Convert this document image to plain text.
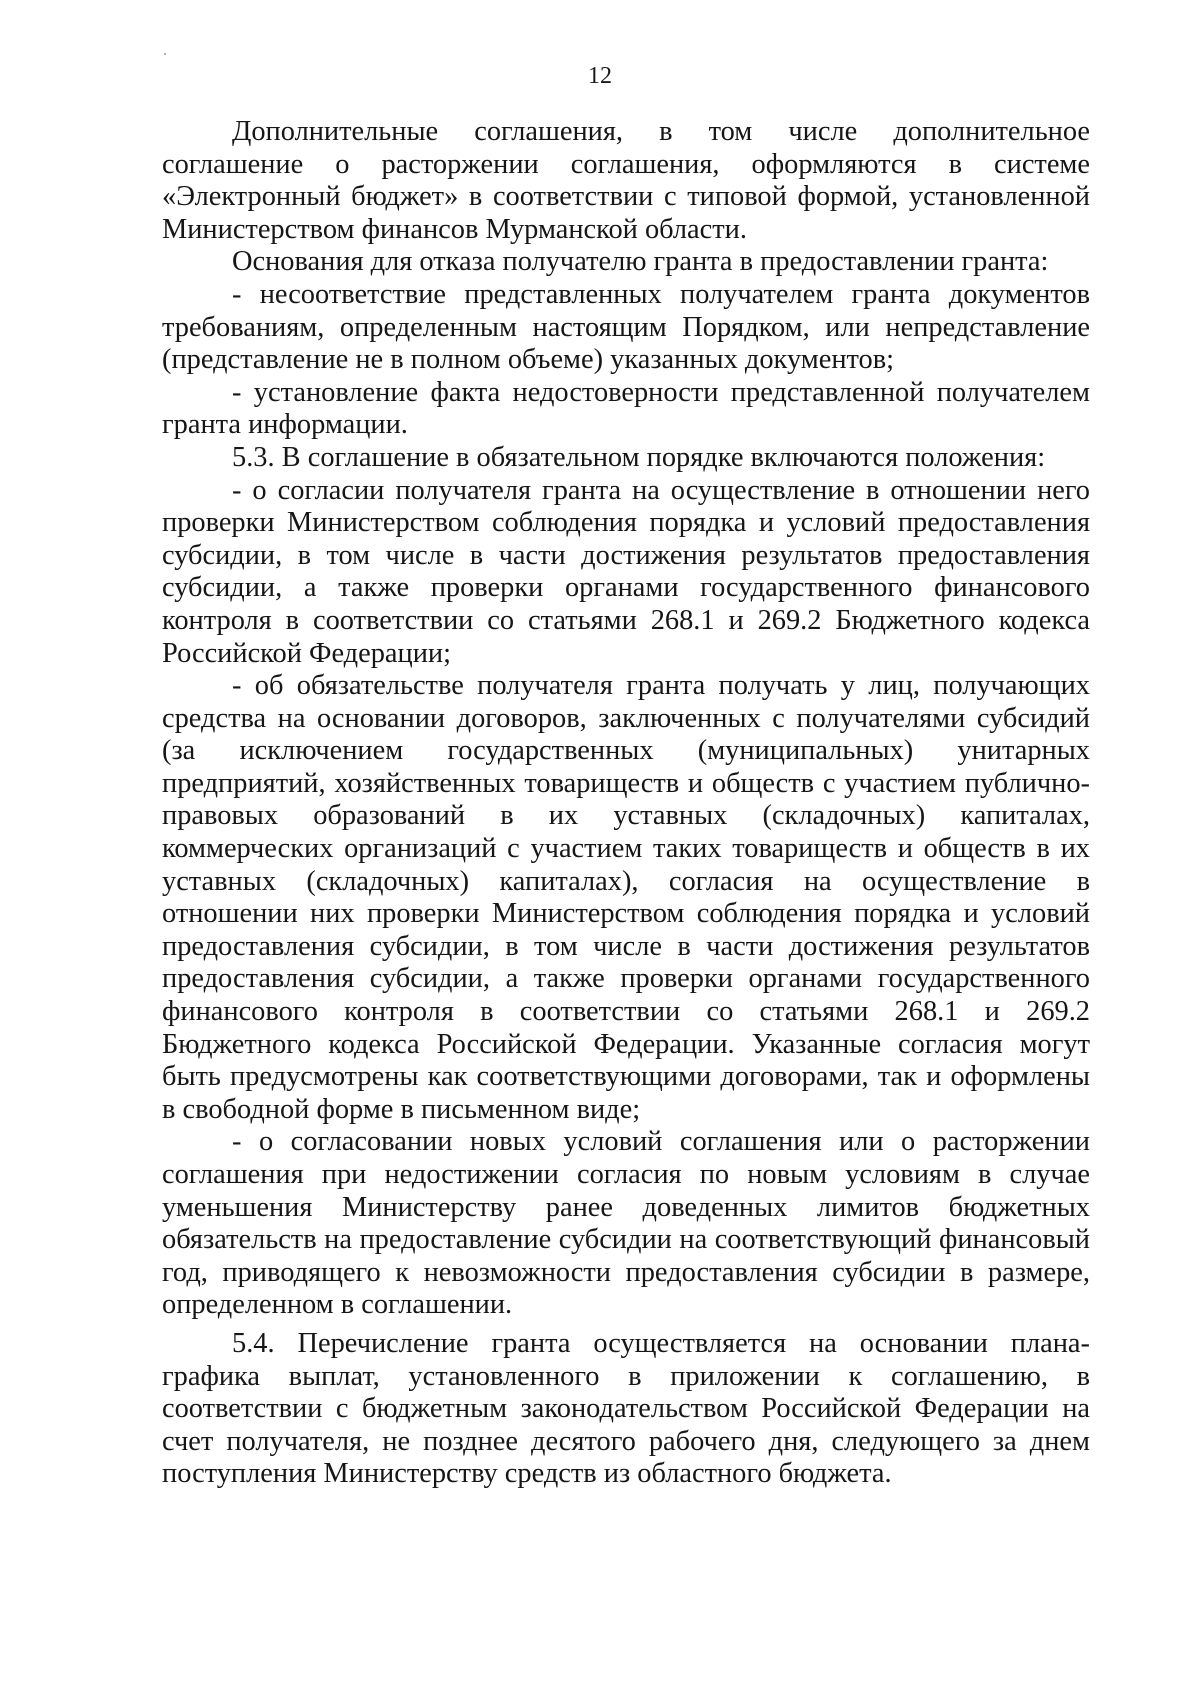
12

Дополнительные соглашения, в том числе дополнительное соглашение о расторжении соглашения, оформляются в системе «Электронный бюджет» в соответствии с типовой формой, установленной Министерством финансов Мурманской области.

Основания для отказа получателю гранта в предоставлении гранта:

- несоответствие представленных получателем гранта документов требованиям, определенным настоящим Порядком, или непредставление (представление не в полном объеме) указанных документов;

- установление факта недостоверности представленной получателем гранта информации.

5.3. В соглашение в обязательном порядке включаются положения:

- о согласии получателя гранта на осуществление в отношении него проверки Министерством соблюдения порядка и условий предоставления субсидии, в том числе в части достижения результатов предоставления субсидии, а также проверки органами государственного финансового контроля в соответствии со статьями 268.1 и 269.2 Бюджетного кодекса Российской Федерации;

- об обязательстве получателя гранта получать у лиц, получающих средства на основании договоров, заключенных с получателями субсидий (за исключением государственных (муниципальных) унитарных предприятий, хозяйственных товариществ и обществ с участием публично-правовых образований в их уставных (складочных) капиталах, коммерческих организаций с участием таких товариществ и обществ в их уставных (складочных) капиталах), согласия на осуществление в отношении них проверки Министерством соблюдения порядка и условий предоставления субсидии, в том числе в части достижения результатов предоставления субсидии, а также проверки органами государственного финансового контроля в соответствии со статьями 268.1 и 269.2 Бюджетного кодекса Российской Федерации. Указанные согласия могут быть предусмотрены как соответствующими договорами, так и оформлены в свободной форме в письменном виде;

- о согласовании новых условий соглашения или о расторжении соглашения при недостижении согласия по новым условиям в случае уменьшения Министерству ранее доведенных лимитов бюджетных обязательств на предоставление субсидии на соответствующий финансовый год, приводящего к невозможности предоставления субсидии в размере, определенном в соглашении.

5.4. Перечисление гранта осуществляется на основании плана-графика выплат, установленного в приложении к соглашению, в соответствии с бюджетным законодательством Российской Федерации на счет получателя, не позднее десятого рабочего дня, следующего за днем поступления Министерству средств из областного бюджета.
